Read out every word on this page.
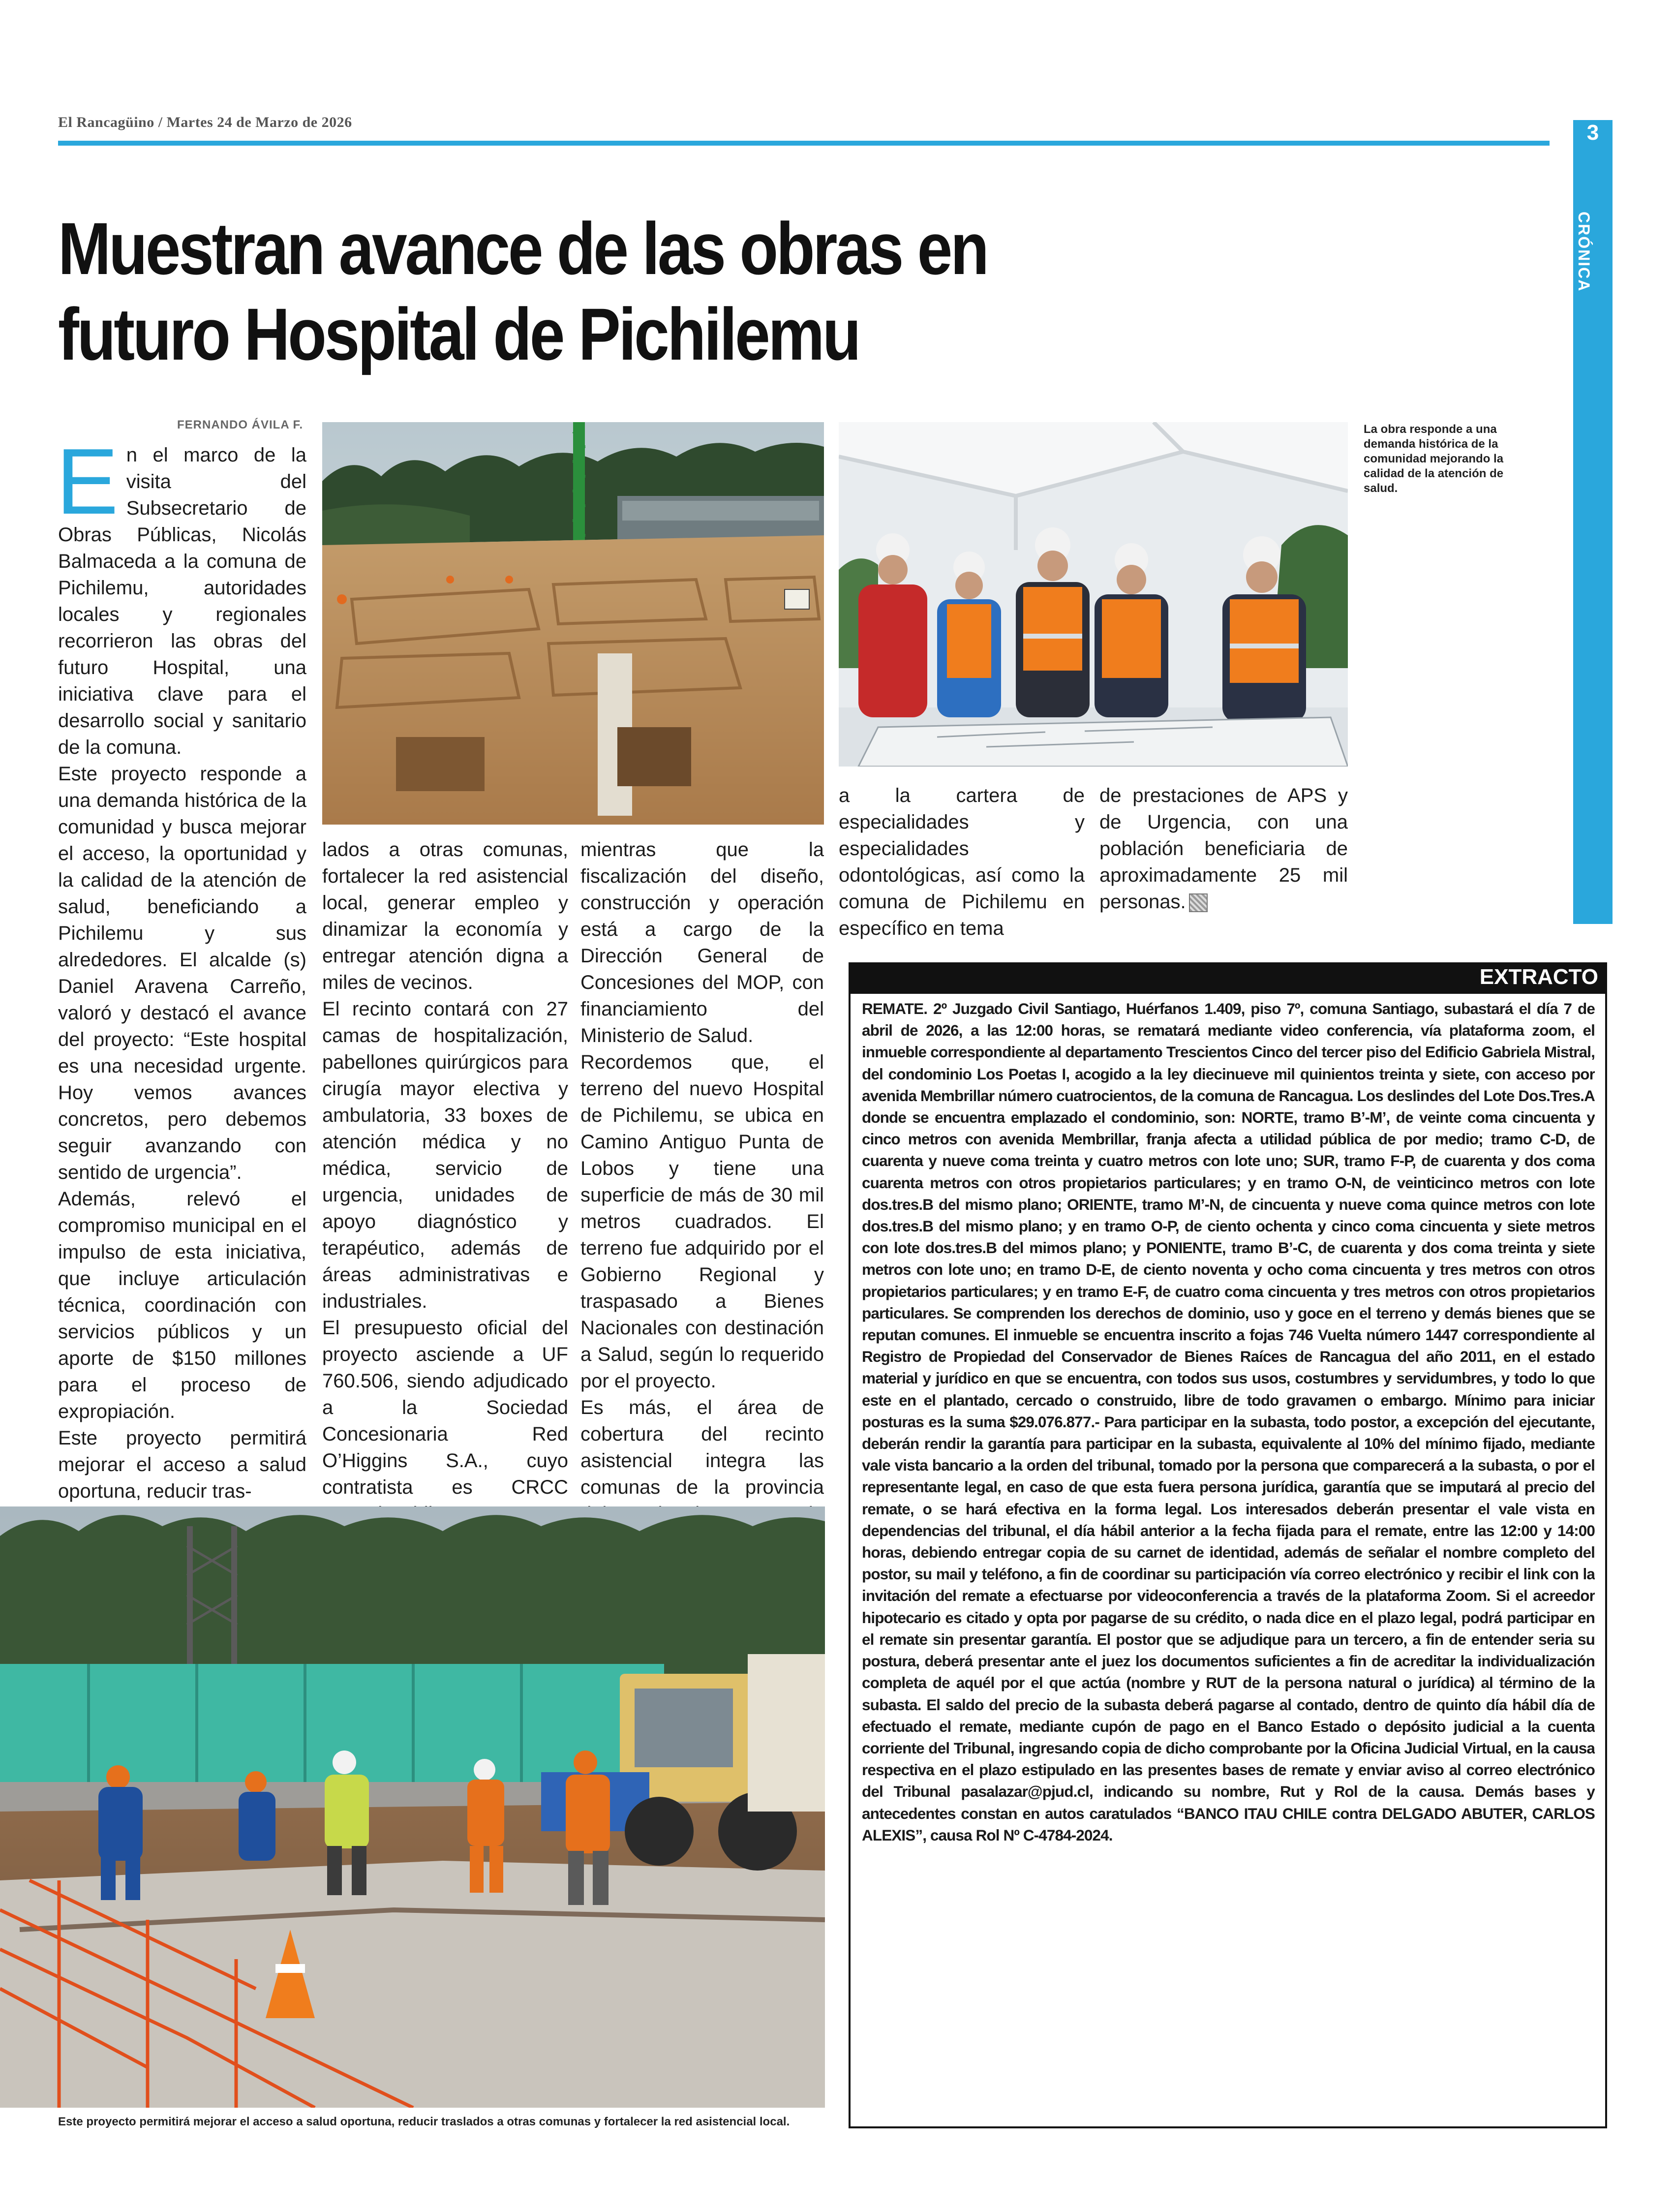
El Rancagüino / Martes 24 de Marzo de 2026	3
CRÓNICA
Muestran avance de las obras en
futuro Hospital de Pichilemu
FERNANDO ÁVILA F.	La obra responde a una demanda histórica de la comunidad mejorando la calidad de la atención de salud.

En el marco de la visita del Subsecretario de Obras Públicas, Nicolás Balmaceda a la comuna de Pichilemu, autoridades locales y regionales recorrieron las obras del futuro Hospital, una iniciativa clave para el desarrollo social y sanitario de la comuna.

Este proyecto responde a una demanda histórica de la comunidad y busca mejorar el acceso, la oportunidad y la calidad de la atención de salud, beneficiando a Pichilemu y sus alrededores. El alcalde (s) Daniel Aravena Carreño, valoró y destacó el avance del proyecto: “Este hospital es una necesidad urgente. Hoy vemos avances concretos, pero debemos seguir avanzando con sentido de urgencia”.

Además, relevó el compromiso municipal en el impulso de esta iniciativa, que incluye articulación técnica, coordinación con servicios públicos y un aporte de $150 millones para el proceso de expropiación.

Este proyecto permitirá mejorar el acceso a salud oportuna, reducir tras-

lados a otras comunas, fortalecer la red asistencial local, generar empleo y dinamizar la economía y entregar atención digna a miles de vecinos.

El recinto contará con 27 camas de hospitalización, pabellones quirúrgicos para cirugía mayor electiva y ambulatoria, 33 boxes de atención médica y no médica, servicio de urgencia, unidades de apoyo diagnóstico y terapéutico, además de áreas administrativas e industriales.

El presupuesto oficial del proyecto asciende a UF 760.506, siendo adjudicado a la Sociedad Concesionaria Red O’Higgins S.A., cuyo contratista es CRCC

mientras que la fiscalización del diseño, construcción y operación está a cargo de la Dirección General de Concesiones del MOP, con financiamiento del Ministerio de Salud.

Recordemos que, el terreno del nuevo Hospital de Pichilemu, se ubica en Camino Antiguo Punta de Lobos y tiene una superficie de más de 30 mil metros cuadrados. El terreno fue adquirido por el Gobierno Regional y traspasado a Bienes Nacionales con destinación a Salud, según lo requerido por el proyecto.

Es más, el área de cobertura del recinto asistencial integra las comunas de la provincia

a la cartera de especialidades y especialidades odontológicas, así como la comuna de Pichilemu en específico en tema

de prestaciones de APS y de Urgencia, con una población beneficiaria de aproximadamente 25 mil personas.

Este proyecto permitirá mejorar el acceso a salud oportuna, reducir traslados a otras comunas y fortalecer la red asistencial local.
EXTRACTO
REMATE. 2º Juzgado Civil Santiago, Huérfanos 1.409, piso 7º, comuna Santiago, subastará el día 7 de abril de 2026, a las 12:00 horas, se rematará mediante video conferencia, vía plataforma zoom, el inmueble correspondiente al departamento Trescientos Cinco del tercer piso del Edificio Gabriela Mistral, del condominio Los Poetas I, acogido a la ley diecinueve mil quinientos treinta y siete, con acceso por avenida Membrillar número cuatrocientos, de la comuna de Rancagua. Los deslindes del Lote Dos.Tres.A donde se encuentra emplazado el condominio, son: NORTE, tramo B’-M’, de veinte coma cincuenta y cinco metros con avenida Membrillar, franja afecta a utilidad pública de por medio; tramo C-D, de cuarenta y nueve coma treinta y cuatro metros con lote uno; SUR, tramo F-P, de cuarenta y dos coma cuarenta metros con otros propietarios particulares; y en tramo O-N, de veinticinco metros con lote dos.tres.B del mismo plano; ORIENTE, tramo M’-N, de cincuenta y nueve coma quince metros con lote dos.tres.B del mismo plano; y en tramo O-P, de ciento ochenta y cinco coma cincuenta y siete metros con lote dos.tres.B del mimos plano; y PONIENTE, tramo B’-C, de cuarenta y dos coma treinta y siete metros con lote uno; en tramo D-E, de ciento noventa y ocho coma cincuenta y tres metros con otros propietarios particulares; y en tramo E-F, de cuatro coma cincuenta y tres metros con otros propietarios particulares. Se comprenden los derechos de dominio, uso y goce en el terreno y demás bienes que se reputan comunes. El inmueble se encuentra inscrito a fojas 746 Vuelta número 1447 correspondiente al Registro de Propiedad del Conservador de Bienes Raíces de Rancagua del año 2011, en el estado material y jurídico en que se encuentra, con todos sus usos, costumbres y servidumbres, y todo lo que este en el plantado, cercado o construido, libre de todo gravamen o embargo. Mínimo para iniciar posturas es la suma $29.076.877.- Para participar en la subasta, todo postor, a excepción del ejecutante, deberán rendir la garantía para participar en la subasta, equivalente al 10% del mínimo fijado, mediante vale vista bancario a la orden del tribunal, tomado por la persona que comparecerá a la subasta, o por el representante legal, en caso de que esta fuera persona jurídica, garantía que se imputará al precio del remate, o se hará efectiva en la forma legal. Los interesados deberán presentar el vale vista en dependencias del tribunal, el día hábil anterior a la fecha fijada para el remate, entre las 12:00 y 14:00 horas, debiendo entregar copia de su carnet de identidad, además de señalar el nombre completo del postor, su mail y teléfono, a fin de coordinar su participación vía correo electrónico y recibir el link con la invitación del remate a efectuarse por videoconferencia a través de la plataforma Zoom. Si el acreedor hipotecario es citado y opta por pagarse de su crédito, o nada dice en el plazo legal, podrá participar en el remate sin presentar garantía. El postor que se adjudique para un tercero, a fin de entender seria su postura, deberá presentar ante el juez los documentos suficientes a fin de acreditar la individualización completa de aquél por el que actúa (nombre y RUT de la persona natural o jurídica) al término de la subasta. El saldo del precio de la subasta deberá pagarse al contado, dentro de quinto día hábil día de efectuado el remate, mediante cupón de pago en el Banco Estado o depósito judicial a la cuenta corriente del Tribunal, ingresando copia de dicho comprobante por la Oficina Judicial Virtual, en la causa respectiva en el plazo estipulado en las presentes bases de remate y enviar aviso al correo electrónico del Tribunal pasalazar@pjud.cl, indicando su nombre, Rut y Rol de la causa. Demás bases y antecedentes constan en autos caratulados “BANCO ITAU CHILE contra DELGADO ABUTER, CARLOS ALEXIS”, causa Rol Nº C-4784-2024.
